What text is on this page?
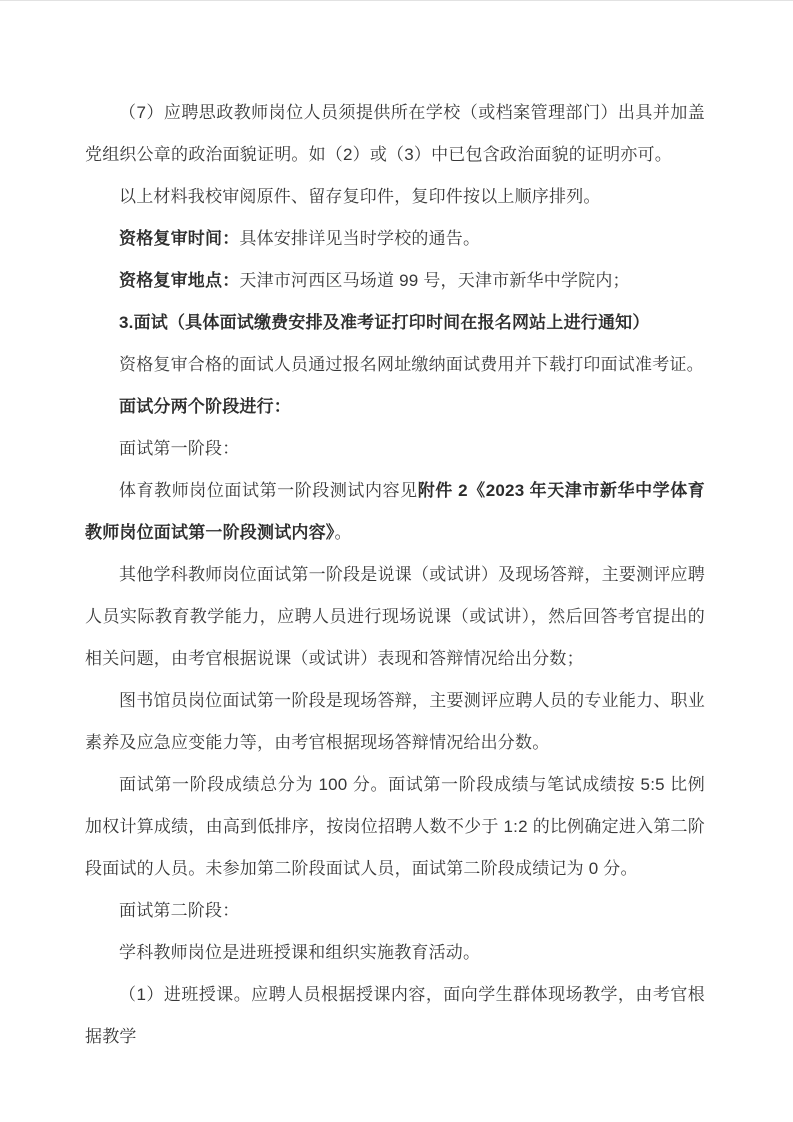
（7）应聘思政教师岗位人员须提供所在学校（或档案管理部门）出具并加盖党组织公章的政治面貌证明。如（2）或（3）中已包含政治面貌的证明亦可。

以上材料我校审阅原件、留存复印件，复印件按以上顺序排列。

资格复审时间：具体安排详见当时学校的通告。

资格复审地点：天津市河西区马场道 99 号，天津市新华中学院内；

3.面试（具体面试缴费安排及准考证打印时间在报名网站上进行通知）

资格复审合格的面试人员通过报名网址缴纳面试费用并下载打印面试准考证。

面试分两个阶段进行：

面试第一阶段：

体育教师岗位面试第一阶段测试内容见附件 2《2023 年天津市新华中学体育教师岗位面试第一阶段测试内容》。

其他学科教师岗位面试第一阶段是说课（或试讲）及现场答辩，主要测评应聘人员实际教育教学能力，应聘人员进行现场说课（或试讲），然后回答考官提出的相关问题，由考官根据说课（或试讲）表现和答辩情况给出分数；

图书馆员岗位面试第一阶段是现场答辩，主要测评应聘人员的专业能力、职业素养及应急应变能力等，由考官根据现场答辩情况给出分数。

面试第一阶段成绩总分为 100 分。面试第一阶段成绩与笔试成绩按 5:5 比例加权计算成绩，由高到低排序，按岗位招聘人数不少于 1:2 的比例确定进入第二阶段面试的人员。未参加第二阶段面试人员，面试第二阶段成绩记为 0 分。

面试第二阶段：

学科教师岗位是进班授课和组织实施教育活动。

（1）进班授课。应聘人员根据授课内容，面向学生群体现场教学，由考官根据教学
